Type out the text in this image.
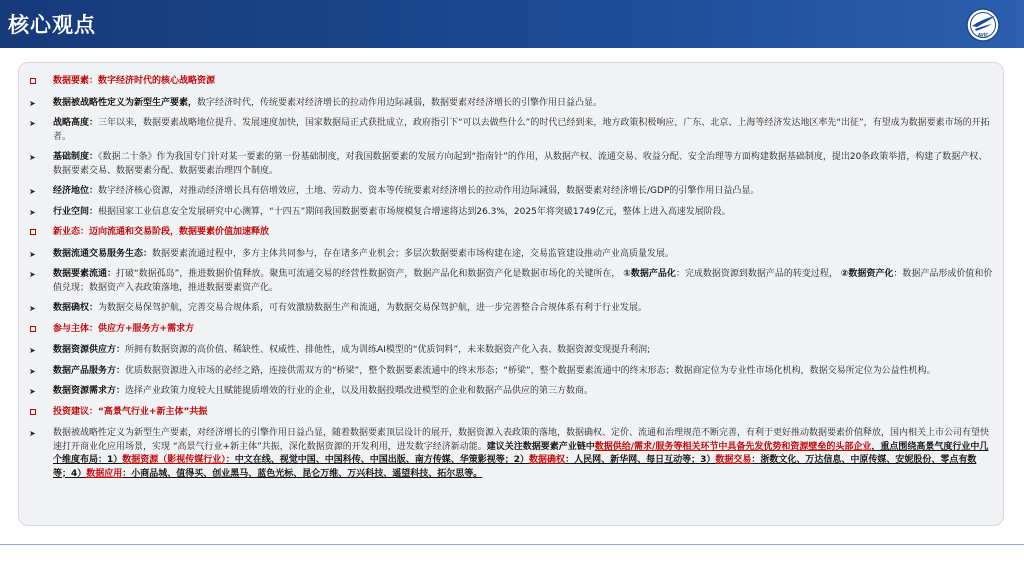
核心观点	AVIC
数据要素：数字经济时代的核心战略资源
➤ 数据被战略性定义为新型生产要素，数字经济时代，传统要素对经济增长的拉动作用边际减弱，数据要素对经济增长的引擎作用日益凸显。
➤ 战略高度：三年以来，数据要素战略地位提升、发展速度加快，国家数据局正式获批成立，政府指引下“可以去做些什么”的时代已经到来，地方政策积极响应，广东、北京、上海等经济发达地区率先“出征”，有望成为数据要素市场的开拓者。
➤ 基础制度：《数据二十条》作为我国专门针对某一要素的第一份基础制度，对我国数据要素的发展方向起到“指南针”的作用，从数据产权、流通交易、收益分配、安全治理等方面构建数据基础制度，提出20条政策举措，构建了数据产权、数据要素交易、数据要素分配、数据要素治理四个制度。
➤ 经济地位：数字经济核心资源，对推动经济增长具有倍增效应，土地、劳动力、资本等传统要素对经济增长的拉动作用边际减弱，数据要素对经济增长/GDP的引擎作用日益凸显。
➤ 行业空间：根据国家工业信息安全发展研究中心测算，“十四五”期间我国数据要素市场规模复合增速将达到26.3%，2025年将突破1749亿元，整体上进入高速发展阶段。
新业态：迈向流通和交易阶段，数据要素价值加速释放
➤ 数据流通交易服务生态：数据要素流通过程中，多方主体共同参与，存在诸多产业机会；多层次数据要素市场构建在途，交易监管建设推动产业高质量发展。
➤ 数据要素流通：打破“数据孤岛”，推进数据价值释放。聚焦可流通交易的经营性数据资产，数据产品化和数据资产化是数据市场化的关键所在， ①数据产品化：完成数据资源到数据产品的转变过程， ②数据资产化：数据产品形成价值和价值兑现；数据资产入表政策落地，推进数据要素资产化。
➤ 数据确权：为数据交易保驾护航，完善交易合规体系，可有效激励数据生产和流通，为数据交易保驾护航，进一步完善整合合规体系有利于行业发展。
参与主体：供应方+服务方+需求方
➤ 数据资源供应方：所拥有数据资源的高价值、稀缺性、权威性、排他性，成为训练AI模型的“优质饲料”，未来数据资产化入表、数据资源变现提升利润;
➤ 数据产品服务方：优质数据资源进入市场的必经之路，连接供需双方的“桥梁”，整个数据要素流通中的终末形态；“桥梁”，整个数据要素流通中的终末形态；数据商定位为专业性市场化机构，数据交易所定位为公益性机构。
➤ 数据资源需求方：选择产业政策力度较大且赋能提质增效的行业的企业，以及用数据投喂改进模型的企业和数据产品供应的第三方数商。
投资建议：“高景气行业+新主体”共振
➤ 数据被战略性定义为新型生产要素，对经济增长的引擎作用日益凸显，随着数据要素顶层设计的展开，数据资源入表政策的落地，数据确权、定价、流通和治理规范不断完善，有利于更好推动数据要素价值释放，国内相关上市公司有望快速打开商业化应用场景，实现 “高景气行业+新主体”共振，深化数据资源的开发利用，进发数字经济新动能。建议关注数据要素产业链中数据供给/需求/服务等相关环节中具备先发优势和资源壁垒的头部企业，重点围绕高景气度行业中几个维度布局：1）数据资源（影视传媒行业）：中文在线、视觉中国、中国科传、中国出版、南方传媒、华策影视等；2）数据确权：人民网、新华网、每日互动等；3）数据交易：浙数文化、万达信息、中原传媒、安妮股份、零点有数等；4）数据应用：小商品城、值得买、创业黑马、蓝色光标、昆仑万维、万兴科技、遥望科技、拓尔思等。
